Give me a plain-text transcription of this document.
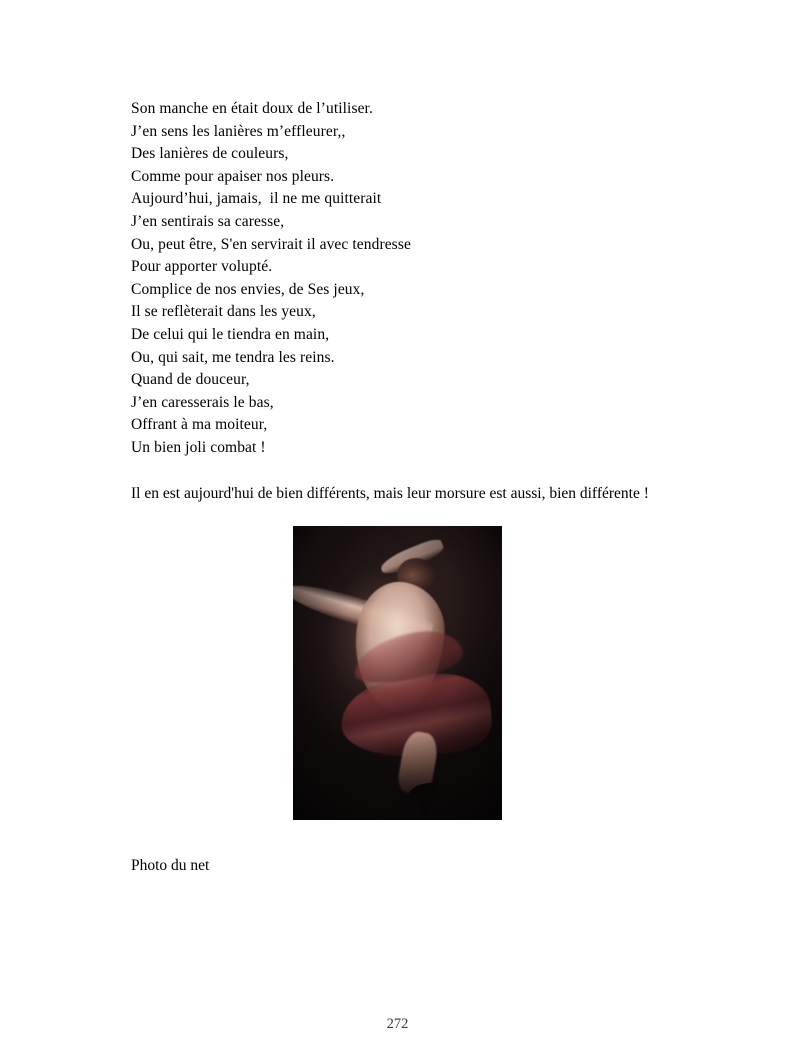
Son manche en était doux de l’utiliser.
J’en sens les lanières m’effleurer,,
Des lanières de couleurs,
Comme pour apaiser nos pleurs.
Aujourd’hui, jamais,  il ne me quitterait
J’en sentirais sa caresse,
Ou, peut être, S'en servirait il avec tendresse
Pour apporter volupté.
Complice de nos envies, de Ses jeux,
Il se reflèterait dans les yeux,
De celui qui le tiendra en main,
Ou, qui sait, me tendra les reins.
Quand de douceur,
J’en caresserais le bas,
Offrant à ma moiteur,
Un bien joli combat !
Il en est aujourd'hui de bien différents, mais leur morsure est aussi, bien différente !
Photo du net
272
